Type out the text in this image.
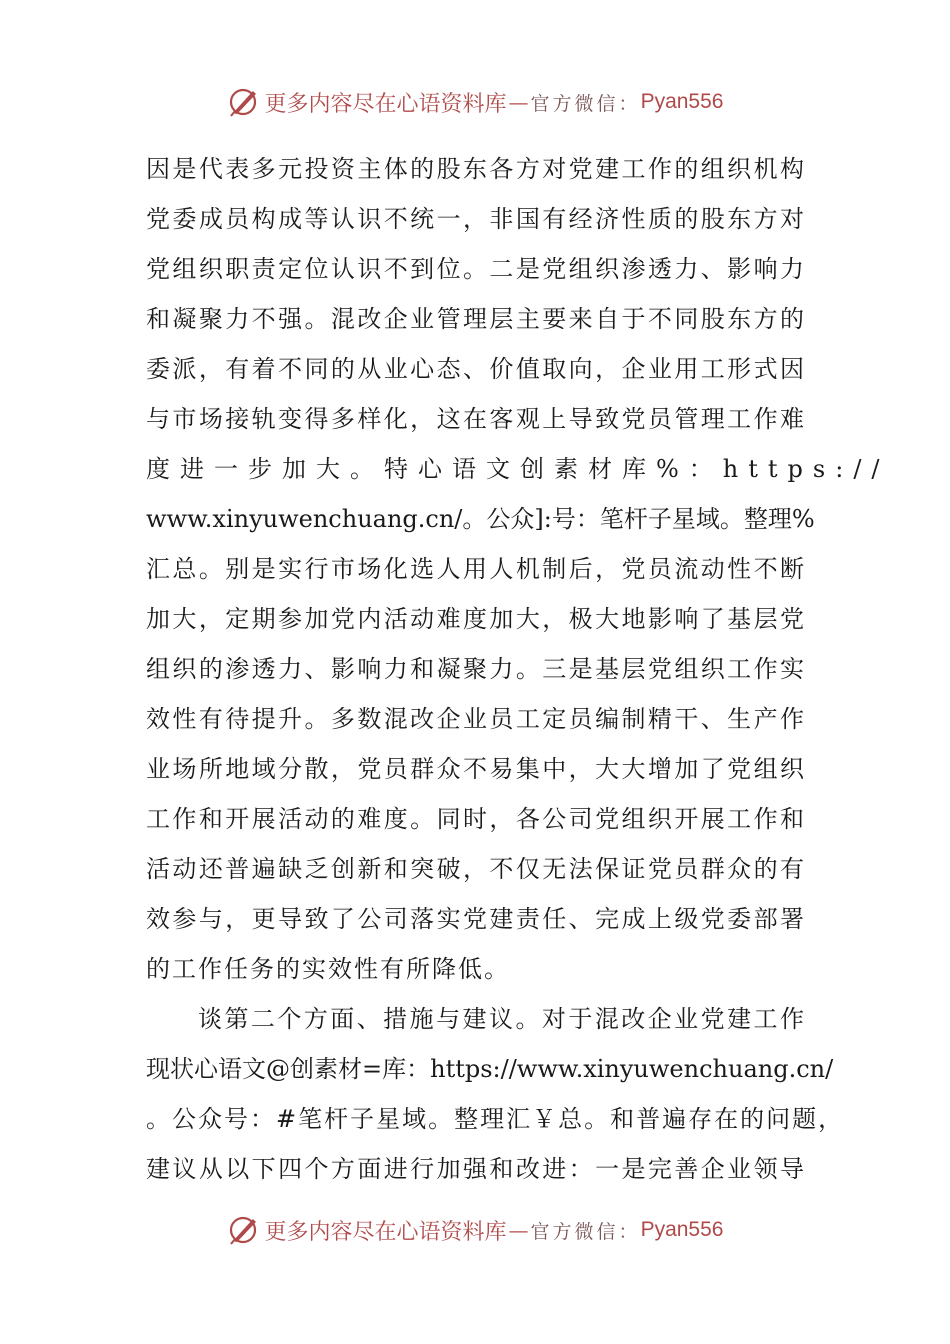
更多内容尽在心语资料库 — 官方微信： Pyan556
因是代表多元投资主体的股东各方对党建工作的组织机构
党委成员构成等认识不统一，非国有经济性质的股东方对
党组织职责定位认识不到位。二是党组织渗透力、影响力
和凝聚力不强。混改企业管理层主要来自于不同股东方的
委派，有着不同的从业心态、价值取向，企业用工形式因
与市场接轨变得多样化，这在客观上导致党员管理工作难
度进一步加大。特心语文创素材库%：https://
www.xinyuwenchuang.cn/。公众]:号：笔杆子星域。整理%
汇总。别是实行市场化选人用人机制后，党员流动性不断
加大，定期参加党内活动难度加大，极大地影响了基层党
组织的渗透力、影响力和凝聚力。三是基层党组织工作实
效性有待提升。多数混改企业员工定员编制精干、生产作
业场所地域分散，党员群众不易集中，大大增加了党组织
工作和开展活动的难度。同时，各公司党组织开展工作和
活动还普遍缺乏创新和突破，不仅无法保证党员群众的有
效参与，更导致了公司落实党建责任、完成上级党委部署
的工作任务的实效性有所降低。
谈第二个方面、措施与建议。对于混改企业党建工作
现状心语文@创素材=库：https://www.xinyuwenchuang.cn/
。公众号：#笔杆子星域。整理汇￥总。和普遍存在的问题，
建议从以下四个方面进行加强和改进：一是完善企业领导
更多内容尽在心语资料库 — 官方微信： Pyan556
